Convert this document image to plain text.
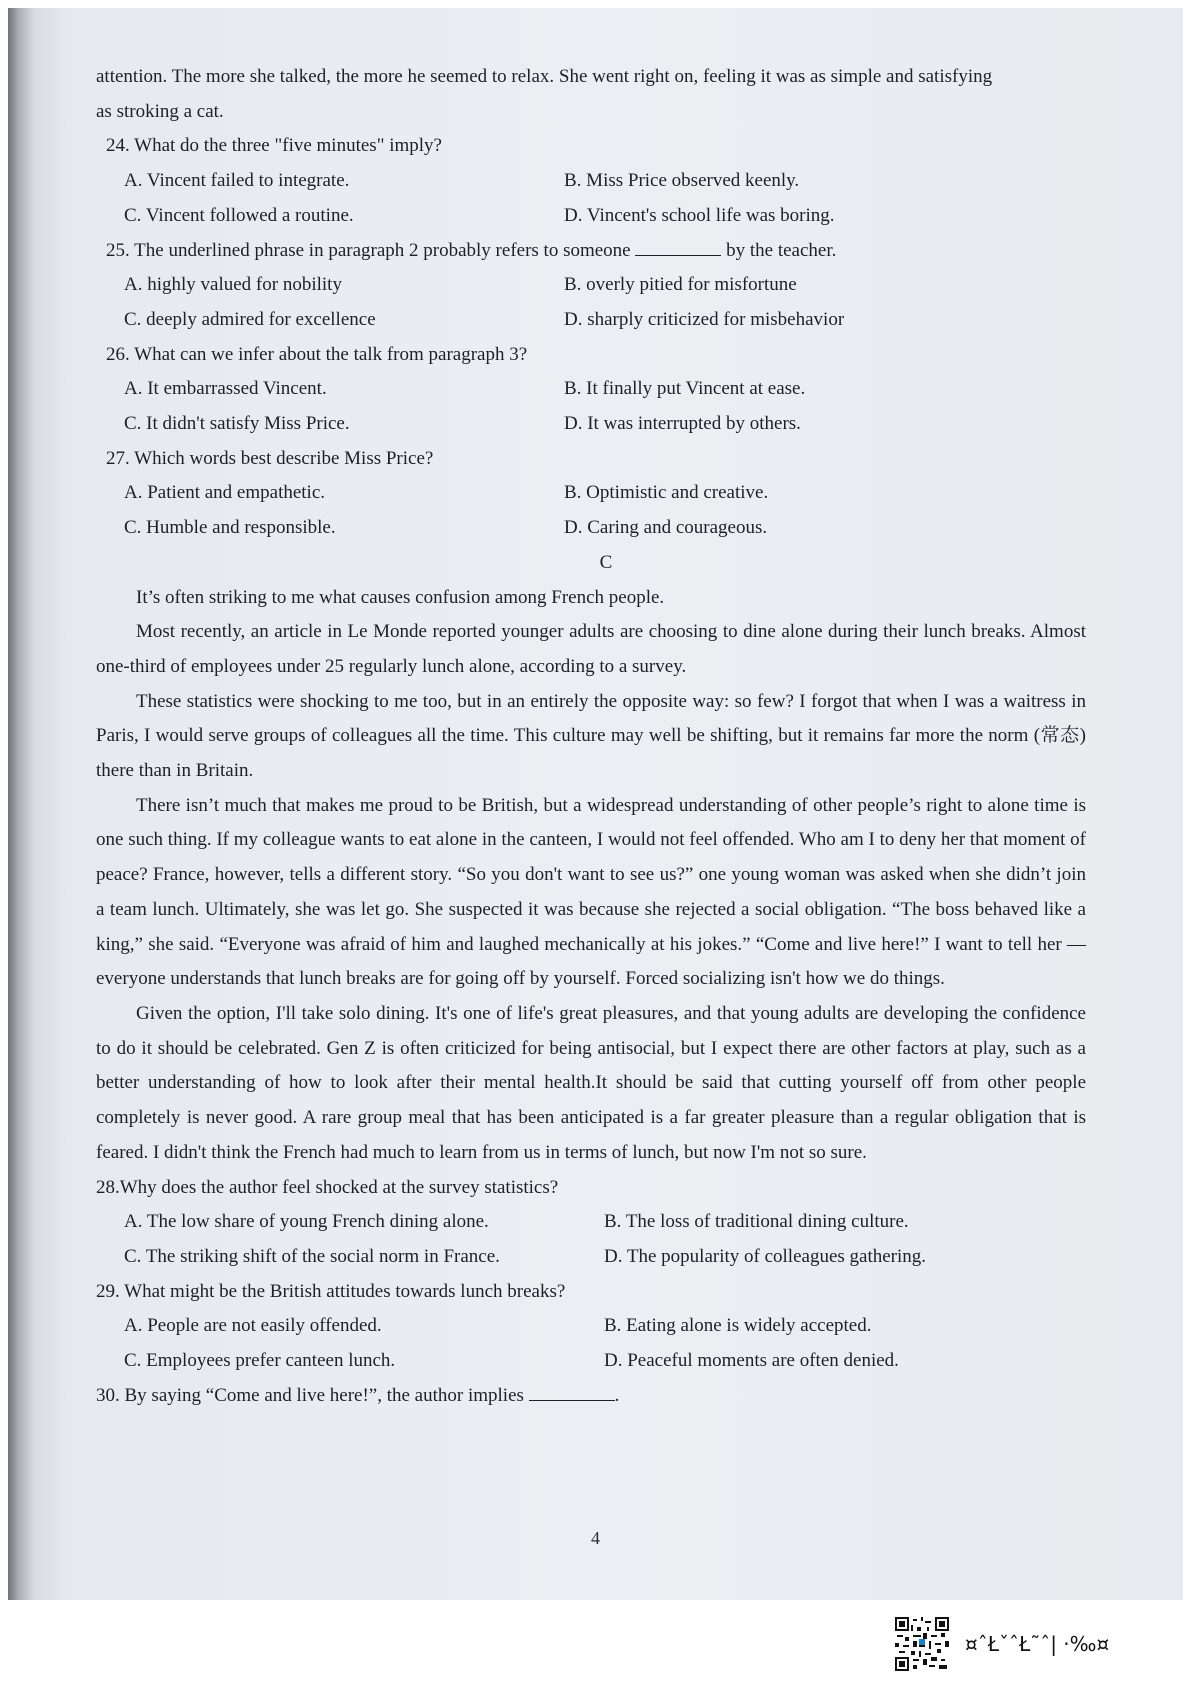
attention. The more she talked, the more he seemed to relax. She went right on, feeling it was as simple and satisfying
as stroking a cat.
24. What do the three "five minutes" imply?
A. Vincent failed to integrate.	B. Miss Price observed keenly.
C. Vincent followed a routine.	D. Vincent's school life was boring.
25. The underlined phrase in paragraph 2 probably refers to someone	by the teacher.
A. highly valued for nobility	B. overly pitied for misfortune
C. deeply admired for excellence	D. sharply criticized for misbehavior
26. What can we infer about the talk from paragraph 3?
A. It embarrassed Vincent.	B. It finally put Vincent at ease.
C. It didn't satisfy Miss Price.	D. It was interrupted by others.
27. Which words best describe Miss Price?
A. Patient and empathetic.	B. Optimistic and creative.
C. Humble and responsible.	D. Caring and courageous.
C

It’s often striking to me what causes confusion among French people.

Most recently, an article in Le Monde reported younger adults are choosing to dine alone during their lunch breaks. Almost one-third of employees under 25 regularly lunch alone, according to a survey.

These statistics were shocking to me too, but in an entirely the opposite way: so few? I forgot that when I was a waitress in Paris, I would serve groups of colleagues all the time. This culture may well be shifting, but it remains far more the norm (常态) there than in Britain.

There isn’t much that makes me proud to be British, but a widespread understanding of other people’s right to alone time is one such thing. If my colleague wants to eat alone in the canteen, I would not feel offended. Who am I to deny her that moment of peace? France, however, tells a different story. “So you don't want to see us?” one young woman was asked when she didn’t join a team lunch. Ultimately, she was let go. She suspected it was because she rejected a social obligation. “The boss behaved like a king,” she said. “Everyone was afraid of him and laughed mechanically at his jokes.” “Come and live here!” I want to tell her — everyone understands that lunch breaks are for going off by yourself. Forced socializing isn't how we do things.

Given the option, I'll take solo dining. It's one of life's great pleasures, and that young adults are developing the confidence to do it should be celebrated. Gen Z is often criticized for being antisocial, but I expect there are other factors at play, such as a better understanding of how to look after their mental health.It should be said that cutting yourself off from other people completely is never good. A rare group meal that has been anticipated is a far greater pleasure than a regular obligation that is feared. I didn't think the French had much to learn from us in terms of lunch, but now I'm not so sure.

28.Why does the author feel shocked at the survey statistics?
A. The low share of young French dining alone.	B. The loss of traditional dining culture.
C. The striking shift of the social norm in France.	D. The popularity of colleagues gathering.
29. What might be the British attitudes towards lunch breaks?
A. People are not easily offended.	B. Eating alone is widely accepted.
C. Employees prefer canteen lunch.	D. Peaceful moments are often denied.
30. By saying “Come and live here!”, the author implies	.
4
¤ˆŁˇˆŁ˜ˆ| ·‰¤
